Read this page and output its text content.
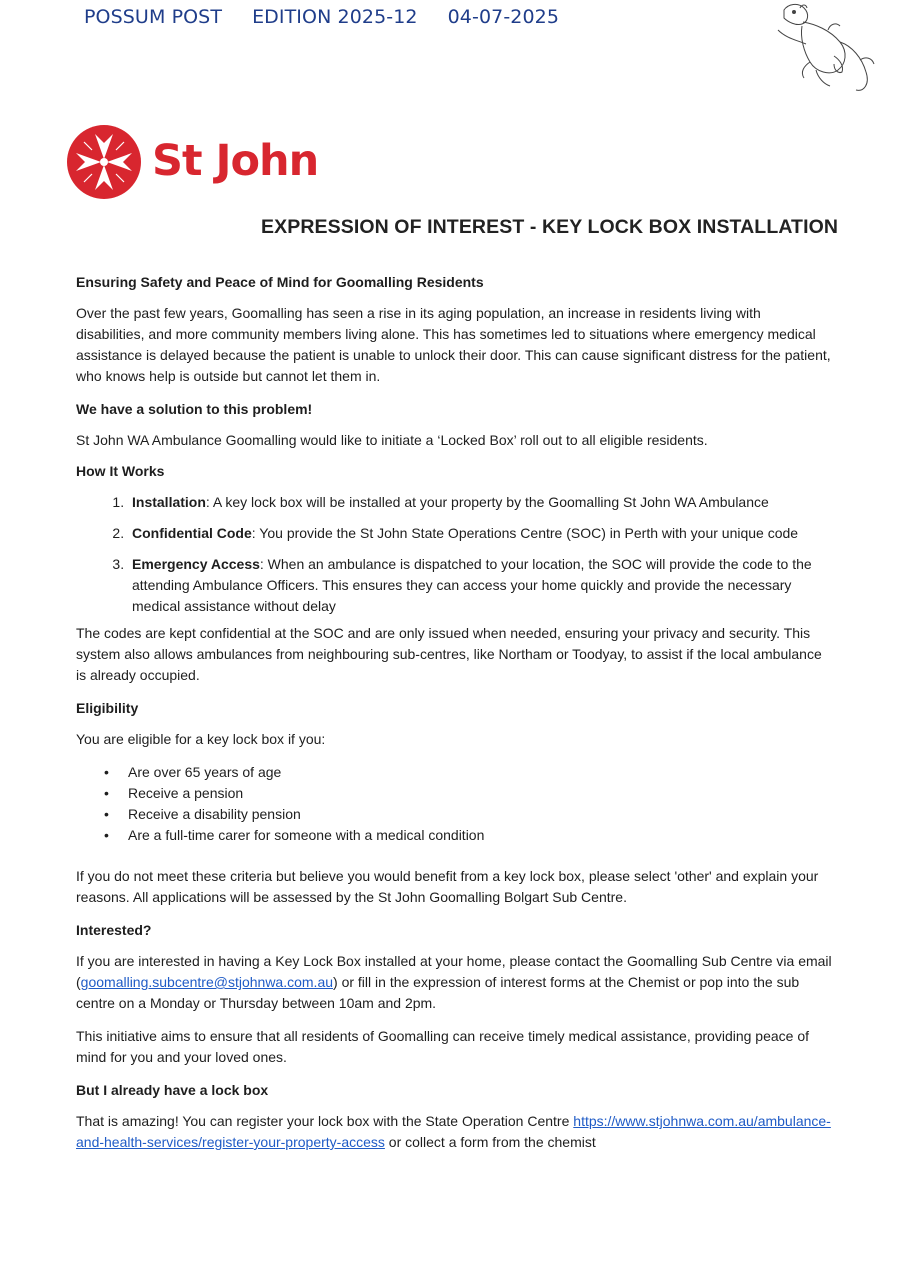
POSSUM POST EDITION 2025-12 04-07-2025
St John
EXPRESSION OF INTEREST - KEY LOCK BOX INSTALLATION
Ensuring Safety and Peace of Mind for Goomalling Residents
Over the past few years, Goomalling has seen a rise in its aging population, an increase in residents living with disabilities, and more community members living alone. This has sometimes led to situations where emergency medical assistance is delayed because the patient is unable to unlock their door. This can cause significant distress for the patient, who knows help is outside but cannot let them in.
We have a solution to this problem!
St John WA Ambulance Goomalling would like to initiate a ‘Locked Box’ roll out to all eligible residents.
How It Works
1. Installation: A key lock box will be installed at your property by the Goomalling St John WA Ambulance
2. Confidential Code: You provide the St John State Operations Centre (SOC) in Perth with your unique code
3. Emergency Access: When an ambulance is dispatched to your location, the SOC will provide the code to the attending Ambulance Officers. This ensures they can access your home quickly and provide the necessary medical assistance without delay
The codes are kept confidential at the SOC and are only issued when needed, ensuring your privacy and security. This system also allows ambulances from neighbouring sub-centres, like Northam or Toodyay, to assist if the local ambulance is already occupied.
Eligibility
You are eligible for a key lock box if you:
• Are over 65 years of age
• Receive a pension
• Receive a disability pension
• Are a full-time carer for someone with a medical condition
If you do not meet these criteria but believe you would benefit from a key lock box, please select 'other' and explain your reasons. All applications will be assessed by the St John Goomalling Bolgart Sub Centre.
Interested?
If you are interested in having a Key Lock Box installed at your home, please contact the Goomalling Sub Centre via email (goomalling.subcentre@stjohnwa.com.au) or fill in the expression of interest forms at the Chemist or pop into the sub centre on a Monday or Thursday between 10am and 2pm.
This initiative aims to ensure that all residents of Goomalling can receive timely medical assistance, providing peace of mind for you and your loved ones.
But I already have a lock box
That is amazing! You can register your lock box with the State Operation Centre https://www.stjohnwa.com.au/ambulance-and-health-services/register-your-property-access or collect a form from the chemist
